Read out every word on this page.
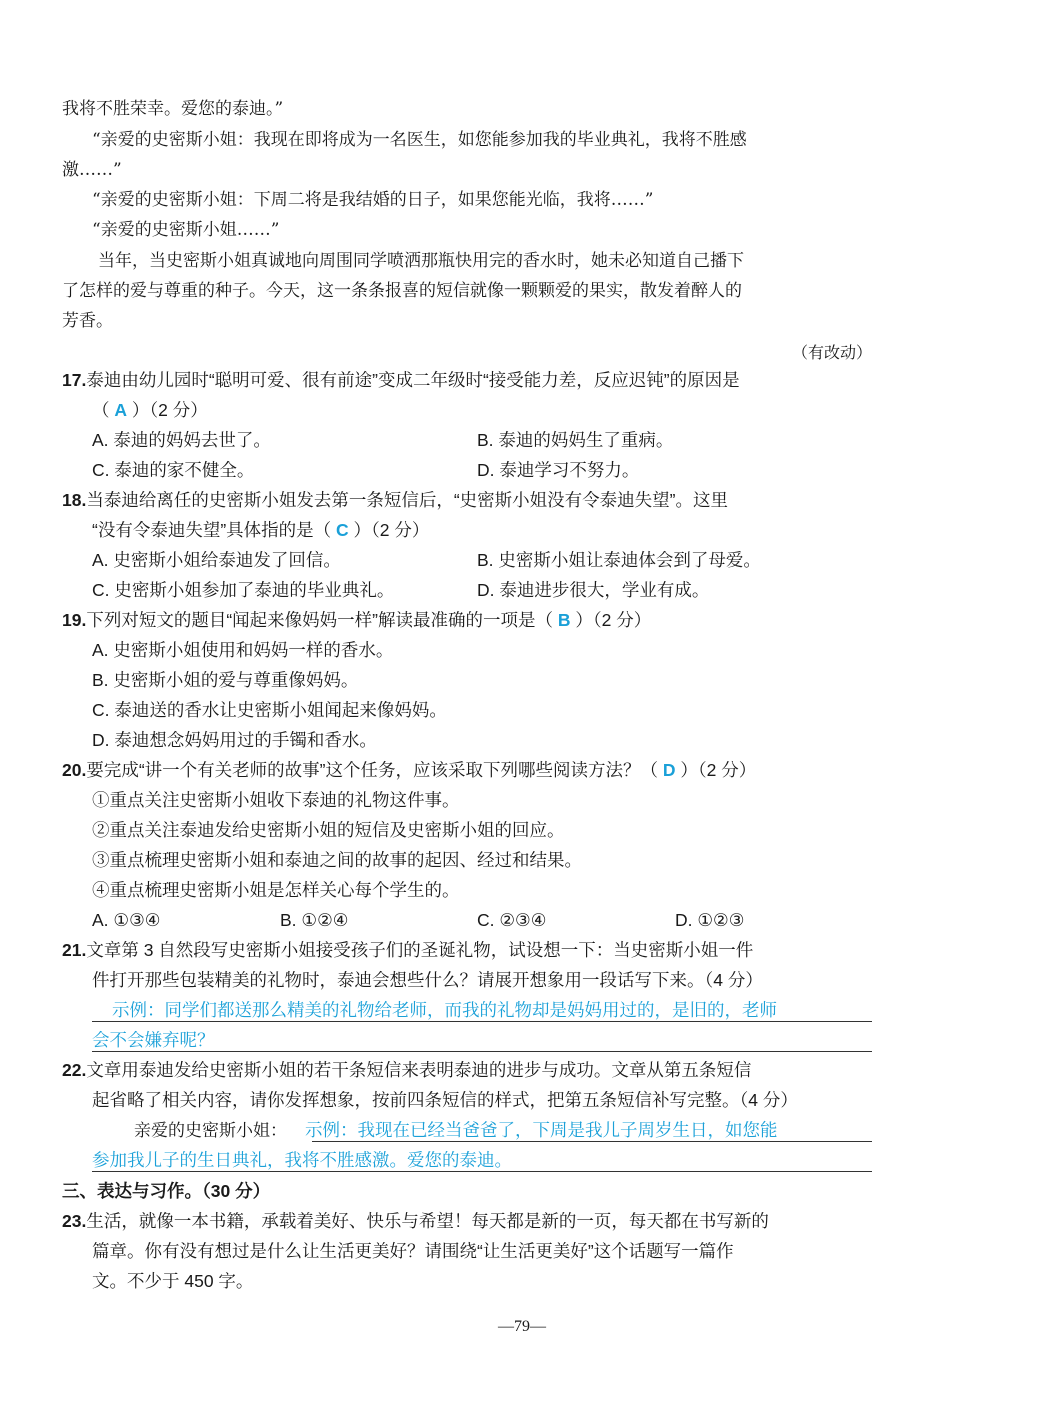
我将不胜荣幸。爱您的泰迪。”
“亲爱的史密斯小姐：我现在即将成为一名医生，如您能参加我的毕业典礼，我将不胜感
激……”
“亲爱的史密斯小姐：下周二将是我结婚的日子，如果您能光临，我将……”
“亲爱的史密斯小姐……”
当年，当史密斯小姐真诚地向周围同学喷洒那瓶快用完的香水时，她未必知道自己播下
了怎样的爱与尊重的种子。今天，这一条条报喜的短信就像一颗颗爱的果实，散发着醉人的
芳香。
（有改动）
17.泰迪由幼儿园时“聪明可爱、很有前途”变成二年级时“接受能力差，反应迟钝”的原因是
（ A ）（2 分）
A. 泰迪的妈妈去世了。	B. 泰迪的妈妈生了重病。
C. 泰迪的家不健全。	D. 泰迪学习不努力。
18.当泰迪给离任的史密斯小姐发去第一条短信后，“史密斯小姐没有令泰迪失望”。这里
“没有令泰迪失望”具体指的是（ C ）（2 分）
A. 史密斯小姐给泰迪发了回信。	B. 史密斯小姐让泰迪体会到了母爱。
C. 史密斯小姐参加了泰迪的毕业典礼。	D. 泰迪进步很大，学业有成。
19.下列对短文的题目“闻起来像妈妈一样”解读最准确的一项是（ B ）（2 分）
A. 史密斯小姐使用和妈妈一样的香水。
B. 史密斯小姐的爱与尊重像妈妈。
C. 泰迪送的香水让史密斯小姐闻起来像妈妈。
D. 泰迪想念妈妈用过的手镯和香水。
20.要完成“讲一个有关老师的故事”这个任务，应该采取下列哪些阅读方法？（ D ）（2 分）
①重点关注史密斯小姐收下泰迪的礼物这件事。
②重点关注泰迪发给史密斯小姐的短信及史密斯小姐的回应。
③重点梳理史密斯小姐和泰迪之间的故事的起因、经过和结果。
④重点梳理史密斯小姐是怎样关心每个学生的。
A. ①③④	B. ①②④	C. ②③④	D. ①②③
21.文章第 3 自然段写史密斯小姐接受孩子们的圣诞礼物，试设想一下：当史密斯小姐一件
件打开那些包装精美的礼物时，泰迪会想些什么？请展开想象用一段话写下来。（4 分）
示例：同学们都送那么精美的礼物给老师，而我的礼物却是妈妈用过的，是旧的，老师
会不会嫌弃呢？
22.文章用泰迪发给史密斯小姐的若干条短信来表明泰迪的进步与成功。文章从第五条短信
起省略了相关内容，请你发挥想象，按前四条短信的样式，把第五条短信补写完整。（4 分）
亲爱的史密斯小姐： 示例：我现在已经当爸爸了，下周是我儿子周岁生日，如您能
参加我儿子的生日典礼，我将不胜感激。爱您的泰迪。
三、表达与习作。（30 分）
23.生活，就像一本书籍，承载着美好、快乐与希望！每天都是新的一页，每天都在书写新的
篇章。你有没有想过是什么让生活更美好？请围绕“让生活更美好”这个话题写一篇作
文。不少于 450 字。
—79—
